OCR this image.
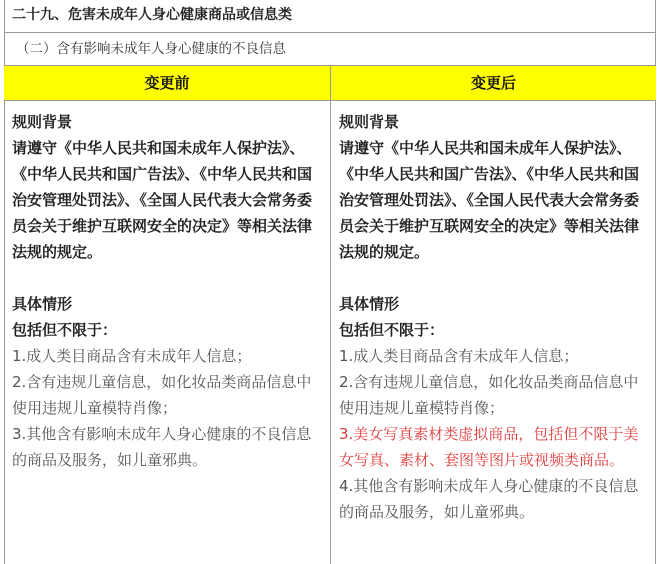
二十九、危害未成年人身心健康商品或信息类
（二）含有影响未成年人身心健康的不良信息
变更前	变更后

规则背景

请遵守《中华人民共和国未成年人保护法》、《中华人民共和国广告法》、《中华人民共和国治安管理处罚法》、《全国人民代表大会常务委员会关于维护互联网安全的决定》等相关法律法规的规定。

具体情形

包括但不限于：

1.成人类目商品含有未成年人信息；

2.含有违规儿童信息，如化妆品类商品信息中使用违规儿童模特肖像；

3.其他含有影响未成年人身心健康的不良信息的商品及服务，如儿童邪典。

规则背景

请遵守《中华人民共和国未成年人保护法》、《中华人民共和国广告法》、《中华人民共和国治安管理处罚法》、《全国人民代表大会常务委员会关于维护互联网安全的决定》等相关法律法规的规定。

具体情形

包括但不限于：

1.成人类目商品含有未成年人信息；

2.含有违规儿童信息，如化妆品类商品信息中使用违规儿童模特肖像；

3.美女写真素材类虚拟商品，包括但不限于美女写真、素材、套图等图片或视频类商品。

4.其他含有影响未成年人身心健康的不良信息的商品及服务，如儿童邪典。
